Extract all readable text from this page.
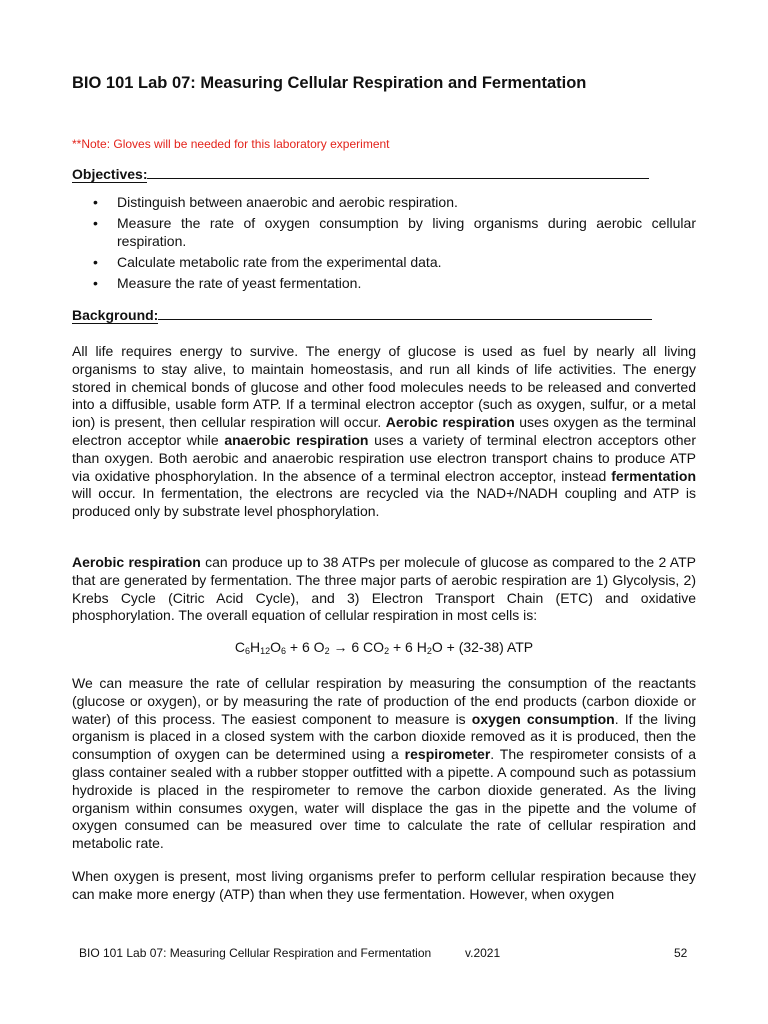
BIO 101 Lab 07: Measuring Cellular Respiration and Fermentation

**Note: Gloves will be needed for this laboratory experiment

Objectives:

• Distinguish between anaerobic and aerobic respiration.
• Measure the rate of oxygen consumption by living organisms during aerobic cellular respiration.
• Calculate metabolic rate from the experimental data.
• Measure the rate of yeast fermentation.

Background:

All life requires energy to survive. The energy of glucose is used as fuel by nearly all living organisms to stay alive, to maintain homeostasis, and run all kinds of life activities. The energy stored in chemical bonds of glucose and other food molecules needs to be released and converted into a diffusible, usable form ATP. If a terminal electron acceptor (such as oxygen, sulfur, or a metal ion) is present, then cellular respiration will occur. Aerobic respiration uses oxygen as the terminal electron acceptor while anaerobic respiration uses a variety of terminal electron acceptors other than oxygen. Both aerobic and anaerobic respiration use electron transport chains to produce ATP via oxidative phosphorylation. In the absence of a terminal electron acceptor, instead fermentation will occur. In fermentation, the electrons are recycled via the NAD+/NADH coupling and ATP is produced only by substrate level phosphorylation.

Aerobic respiration can produce up to 38 ATPs per molecule of glucose as compared to the 2 ATP that are generated by fermentation. The three major parts of aerobic respiration are 1) Glycolysis, 2) Krebs Cycle (Citric Acid Cycle), and 3) Electron Transport Chain (ETC) and oxidative phosphorylation. The overall equation of cellular respiration in most cells is:

$C_6H_{12}O_6 + 6$ $O_2 \to 6$ $CO_2 + 6$ $H_2O + (32-38)$ ATP

We can measure the rate of cellular respiration by measuring the consumption of the reactants (glucose or oxygen), or by measuring the rate of production of the end products (carbon dioxide or water) of this process. The easiest component to measure is oxygen consumption. If the living organism is placed in a closed system with the carbon dioxide removed as it is produced, then the consumption of oxygen can be determined using a respirometer. The respirometer consists of a glass container sealed with a rubber stopper outfitted with a pipette. A compound such as potassium hydroxide is placed in the respirometer to remove the carbon dioxide generated. As the living organism within consumes oxygen, water will displace the gas in the pipette and the volume of oxygen consumed can be measured over time to calculate the rate of cellular respiration and metabolic rate.

When oxygen is present, most living organisms prefer to perform cellular respiration because they can make more energy (ATP) than when they use fermentation. However, when oxygen

BIO 101 Lab 07: Measuring Cellular Respiration and Fermentation	v.2021	52
